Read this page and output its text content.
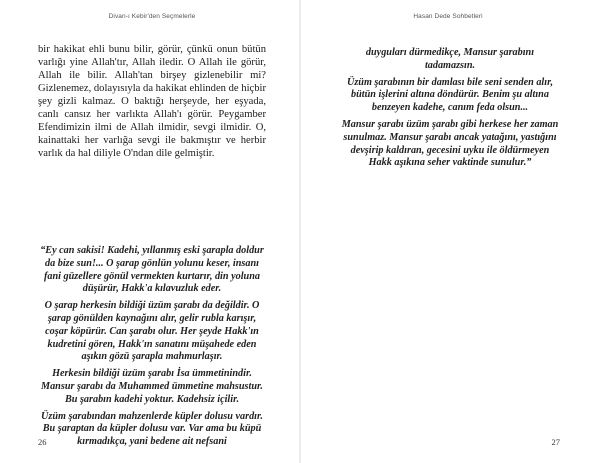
Divan-ı Kebir'den Seçmelerle

bir hakikat ehli bunu bilir, görür, çünkü onun bütün varlığı yine Allah'tır, Allah iledir. O Allah ile görür, Allah ile bilir. Allah'tan birşey gizlenebilir mi? Gizlenemez, dolayısıyla da hakikat ehlinden de hiçbir şey gizli kalmaz. O baktığı herşeyde, her eşyada, canlı cansız her varlıkta Allah'ı görür. Peygamber Efendimizin ilmi de Allah ilmidir, sevgi ilmidir. O, kainattaki her varlığa sevgi ile bakmıştır ve herbir varlık da hal diliyle O'ndan dile gelmiştir.

“Ey can sakisi! Kadehi, yıllanmış eski şarapla doldur da bize sun!... O şarap gönlün yolunu keser, insanı fani güzellere gönül vermekten kurtarır, din yoluna düşürür, Hakk'a kılavuzluk eder.

O şarap herkesin bildiği üzüm şarabı da değildir. O şarap gönülden kaynağını alır, gelir rubla karışır, coşar köpürür. Can şarabı olur. Her şeyde Hakk'ın kudretini gören, Hakk'ın sanatını müşahede eden aşıkın gözü şarapla mahmurlaşır.

Herkesin bildiği üzüm şarabı İsa ümmetinindir. Mansur şarabı da Muhammed ümmetine mahsustur. Bu şarabın kadehi yoktur. Kadehsiz içilir.

Üzüm şarabından mahzenlerde küpler dolusu vardır. Bu şaraptan da küpler dolusu var. Var ama bu küpü kırmadıkça, yani bedene ait nefsani

26
Hasan Dede Sohbetleri

duyguları dürmedikçe, Mansur şarabını tadamazsın.

Üzüm şarabının bir damlası bile seni senden alır, bütün işlerini altına döndürür. Benim şu altına benzeyen kadehe, canım feda olsun...

Mansur şarabı üzüm şarabı gibi herkese her zaman sunulmaz. Mansur şarabı ancak yatağını, yastığını devşirip kaldıran, gecesini uyku ile öldürmeyen Hakk aşıkına seher vaktinde sunulur.”

27
